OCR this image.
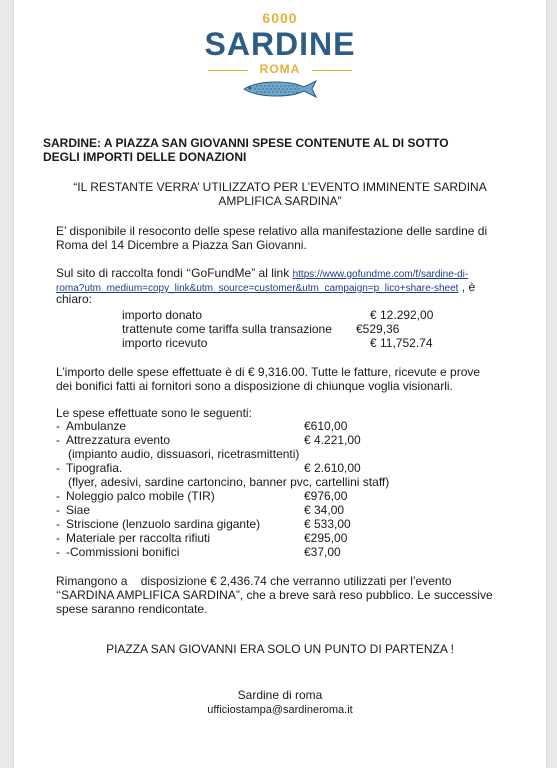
6000
SARDINE
ROMA
SARDINE: A PIAZZA SAN GIOVANNI SPESE CONTENUTE AL DI SOTTO
DEGLI IMPORTI DELLE DONAZIONI
“IL RESTANTE VERRA’ UTILIZZATO PER L’EVENTO IMMINENTE SARDINA
AMPLIFICA SARDINA”
E’ disponibile il resoconto delle spese relativo alla manifestazione delle sardine di
Roma del 14 Dicembre a Piazza San Giovanni.
Sul sito di raccolta fondi ‘‘GoFundMe” al link https://www.gofundme.com/f/sardine-di-
roma?utm_medium=copy_link&utm_source=customer&utm_campaign=p_lico+share-sheet , è
chiaro:
importo donato	€ 12.292,00
trattenute come tariffa sulla transazione €529,36
importo ricevuto	€ 11,752.74
L’importo delle spese effettuate è di € 9,316.00. Tutte le fatture, ricevute e prove
dei bonifici fatti ai fornitori sono a disposizione di chiunque voglia visionarli.
Le spese effettuate sono le seguenti:
- Ambulanze	€610,00
- Attrezzatura evento	€ 4.221,00
(impianto audio, dissuasori, ricetrasmittenti)
- Tipografia.	€ 2.610,00
(flyer, adesivi, sardine cartoncino, banner pvc, cartellini staff)
- Noleggio palco mobile (TIR)	€976,00
- Siae	€ 34,00
- Striscione (lenzuolo sardina gigante)	€ 533,00
- Materiale per raccolta rifiuti	€295,00
- -Commissioni bonifici	€37,00
Rimangono a    disposizione € 2,436.74 che verranno utilizzati per l’evento
‘‘SARDINA AMPLIFICA SARDINA”, che a breve sarà reso pubblico. Le successive
spese saranno rendicontate.
PIAZZA SAN GIOVANNI ERA SOLO UN PUNTO DI PARTENZA !
Sardine di roma
ufficiostampa@sardineroma.it
